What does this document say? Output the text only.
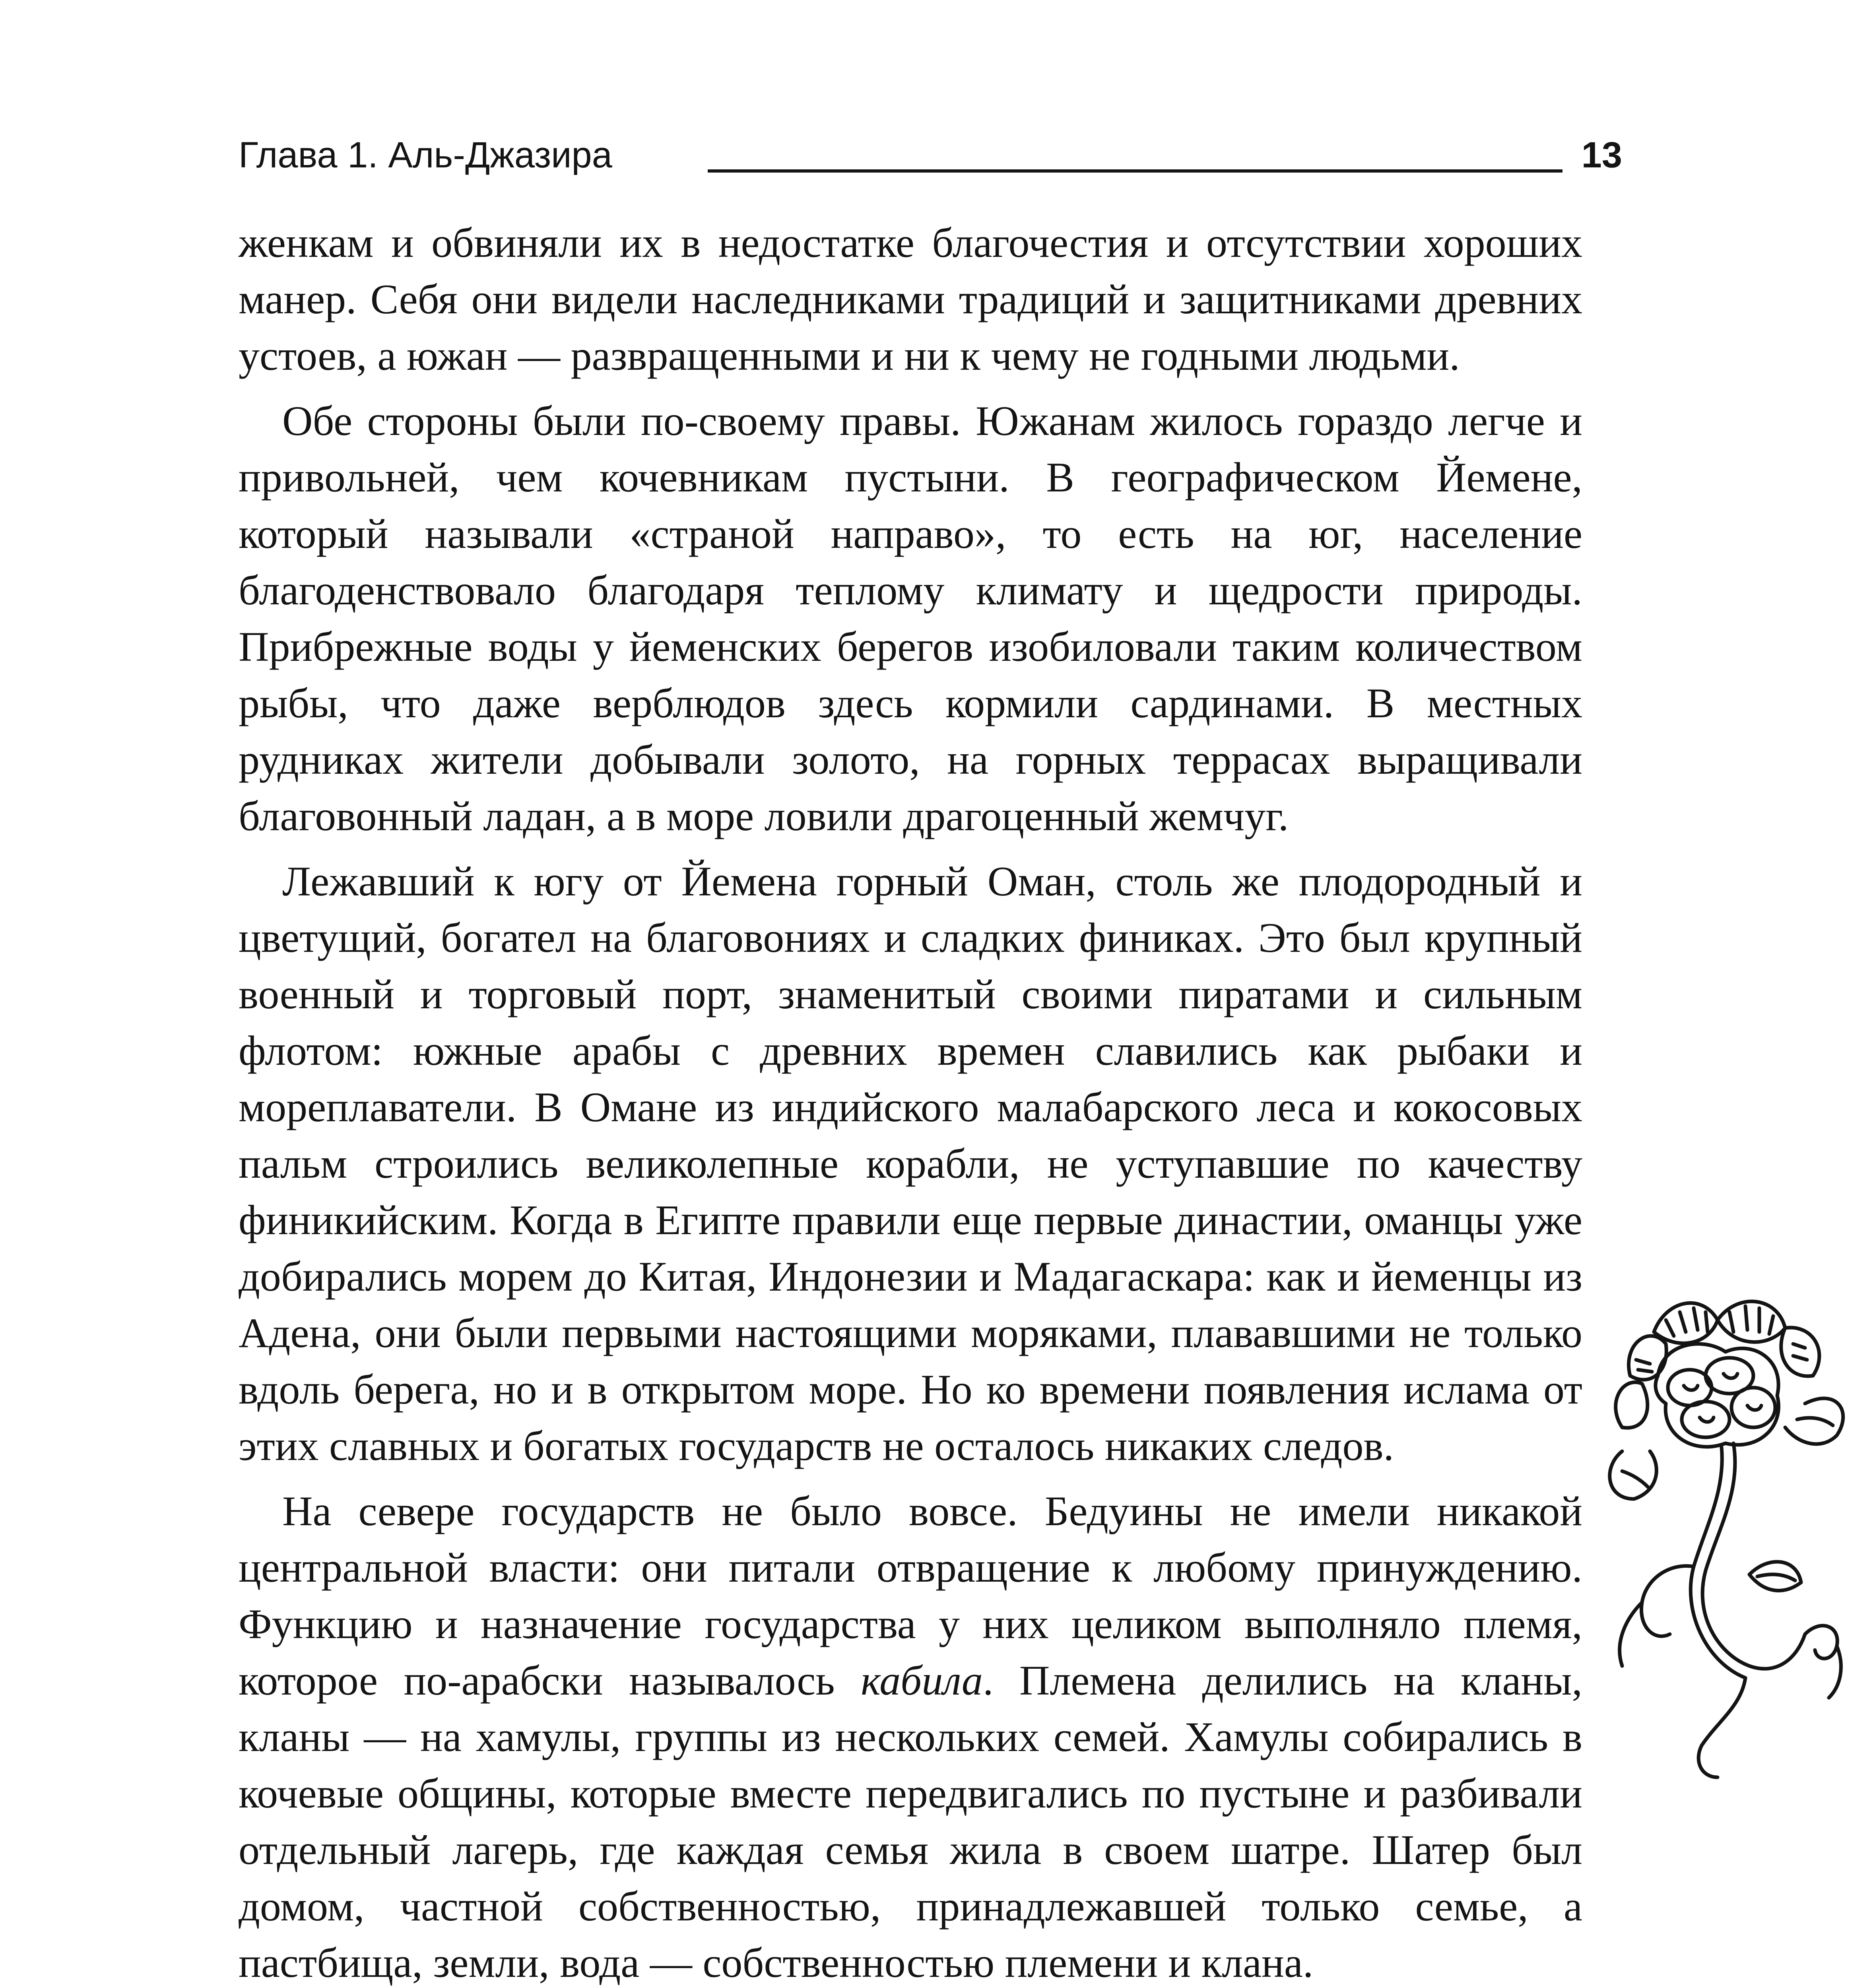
Глава 1. Аль-Джазира	13

женкам и обвиняли их в недостатке благочестия и отсутствии хороших манер. Себя они видели наследниками традиций и защитниками древних устоев, а южан — развращенными и ни к чему не годными людьми.

Обе стороны были по-своему правы. Южанам жилось гораздо легче и привольней, чем кочевникам пустыни. В географическом Йемене, который называли «страной направо», то есть на юг, население благоденствовало благодаря теплому климату и щедрости природы. Прибрежные воды у йеменских берегов изобиловали таким количеством рыбы, что даже верблюдов здесь кормили сардинами. В местных рудниках жители добывали золото, на горных террасах выращивали благовонный ладан, а в море ловили драгоценный жемчуг.

Лежавший к югу от Йемена горный Оман, столь же плодородный и цветущий, богател на благовониях и сладких финиках. Это был крупный военный и торговый порт, знаменитый своими пиратами и сильным флотом: южные арабы с древних времен славились как рыбаки и мореплаватели. В Омане из индийского малабарского леса и кокосовых пальм строились великолепные корабли, не уступавшие по качеству финикийским. Когда в Египте правили еще первые династии, оманцы уже добирались морем до Китая, Индонезии и Мадагаскара: как и йеменцы из Адена, они были первыми настоящими моряками, плававшими не только вдоль берега, но и в открытом море. Но ко времени появления ислама от этих славных и богатых государств не осталось никаких следов.

На севере государств не было вовсе. Бедуины не имели никакой центральной власти: они питали отвращение к любому принуждению. Функцию и назначение государства у них целиком выполняло племя, которое по-арабски называлось кабила. Племена делились на кланы, кланы — на хамулы, группы из нескольких семей. Хамулы собирались в кочевые общины, которые вместе передвигались по пустыне и разбивали отдельный лагерь, где каждая семья жила в своем шатре. Шатер был домом, частной собственностью, принадлежавшей только семье, а пастбища, земли, вода — собственностью племени и клана.
